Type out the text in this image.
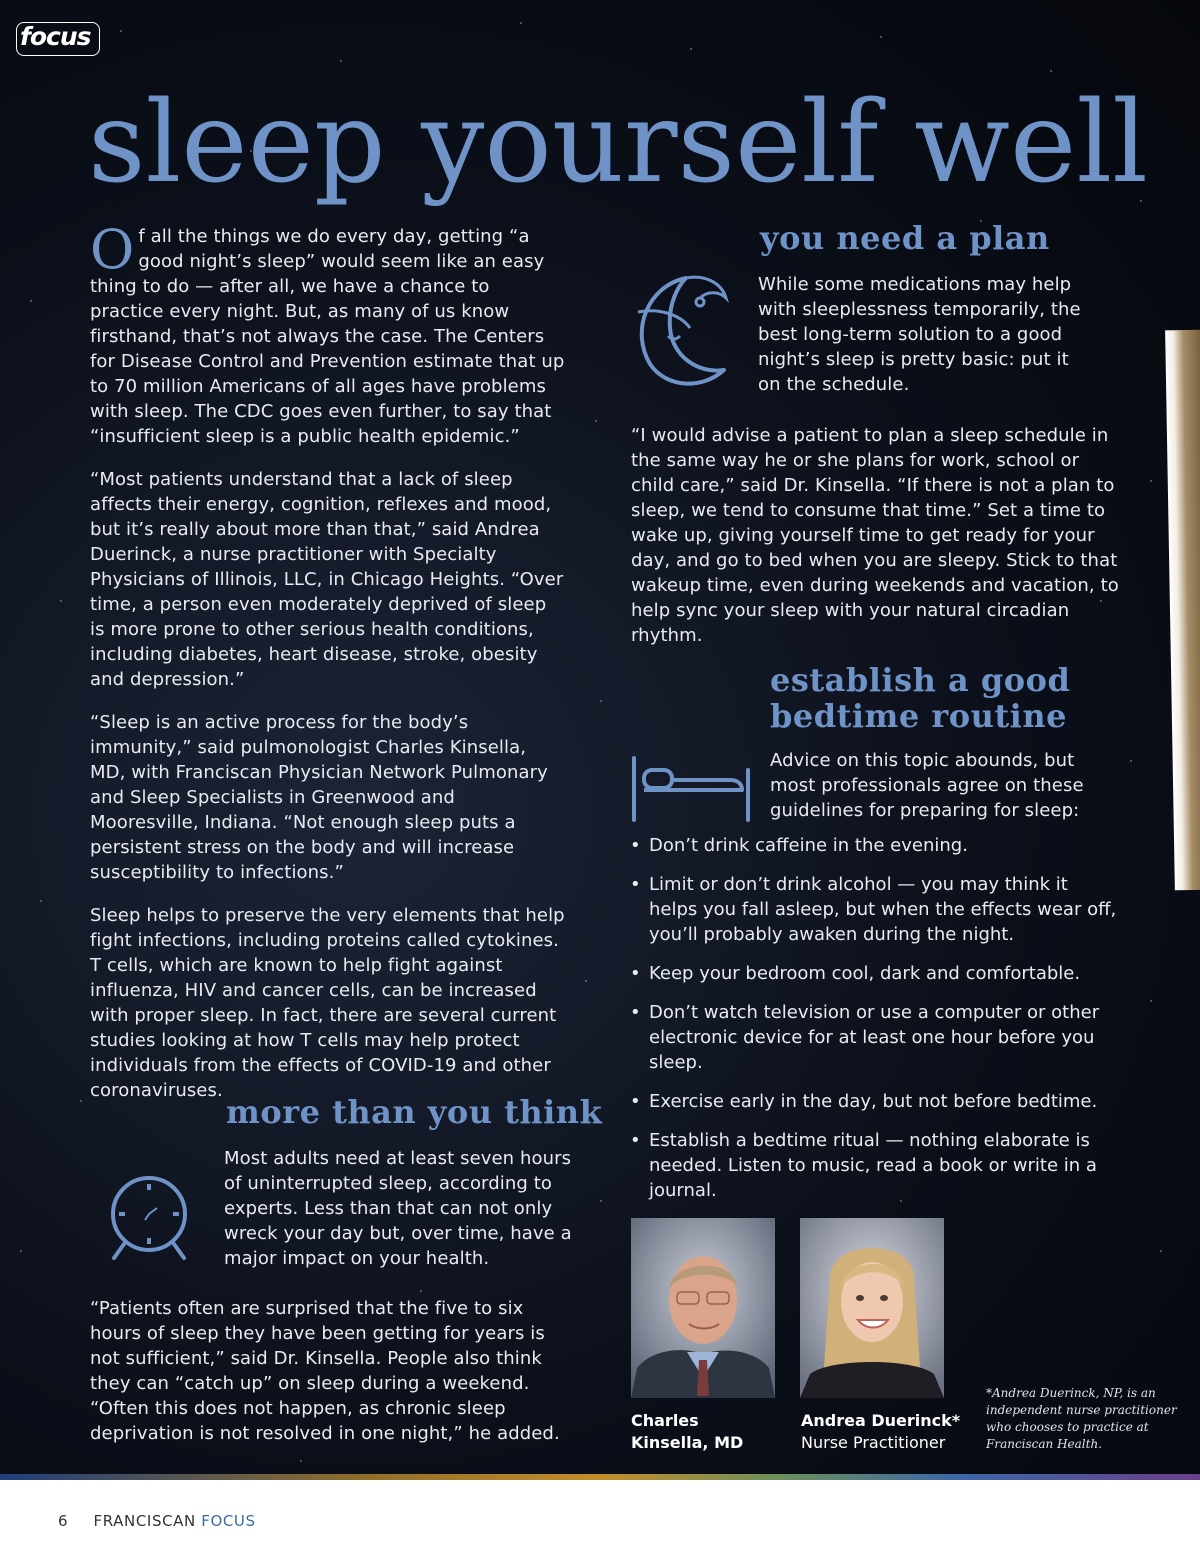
focus
sleep yourself well

Of all the things we do every day, getting “a good night’s sleep” would seem like an easy thing to do — after all, we have a chance to practice every night. But, as many of us know firsthand, that’s not always the case. The Centers for Disease Control and Prevention estimate that up to 70 million Americans of all ages have problems with sleep. The CDC goes even further, to say that “insufficient sleep is a public health epidemic.”

“Most patients understand that a lack of sleep affects their energy, cognition, reflexes and mood, but it’s really about more than that,” said Andrea Duerinck, a nurse practitioner with Specialty Physicians of Illinois, LLC, in Chicago Heights. “Over time, a person even moderately deprived of sleep is more prone to other serious health conditions, including diabetes, heart disease, stroke, obesity and depression.”

“Sleep is an active process for the body’s immunity,” said pulmonologist Charles Kinsella, MD, with Franciscan Physician Network Pulmonary and Sleep Specialists in Greenwood and Mooresville, Indiana. “Not enough sleep puts a persistent stress on the body and will increase susceptibility to infections.”

Sleep helps to preserve the very elements that help fight infections, including proteins called cytokines. T cells, which are known to help fight against influenza, HIV and cancer cells, can be increased with proper sleep. In fact, there are several current studies looking at how T cells may help protect individuals from the effects of COVID-19 and other coronaviruses.

more than you think

Most adults need at least seven hours of uninterrupted sleep, according to experts. Less than that can not only wreck your day but, over time, have a major impact on your health.

“Patients often are surprised that the five to six hours of sleep they have been getting for years is not sufficient,” said Dr. Kinsella. People also think they can “catch up” on sleep during a weekend. “Often this does not happen, as chronic sleep deprivation is not resolved in one night,” he added.

you need a plan

While some medications may help with sleeplessness temporarily, the best long-term solution to a good night’s sleep is pretty basic: put it on the schedule.

“I would advise a patient to plan a sleep schedule in the same way he or she plans for work, school or child care,” said Dr. Kinsella. “If there is not a plan to sleep, we tend to consume that time.” Set a time to wake up, giving yourself time to get ready for your day, and go to bed when you are sleepy. Stick to that wakeup time, even during weekends and vacation, to help sync your sleep with your natural circadian rhythm.

establish a good
bedtime routine

Advice on this topic abounds, but most professionals agree on these guidelines for preparing for sleep:

• Don’t drink caffeine in the evening.
• Limit or don’t drink alcohol — you may think it helps you fall asleep, but when the effects wear off, you’ll probably awaken during the night.
• Keep your bedroom cool, dark and comfortable.
• Don’t watch television or use a computer or other electronic device for at least one hour before you sleep.
• Exercise early in the day, but not before bedtime.
• Establish a bedtime ritual — nothing elaborate is needed. Listen to music, read a book or write in a journal.
Charles
Kinsella, MD
Andrea Duerinck*
Nurse Practitioner
*Andrea Duerinck, NP, is an independent nurse practitioner who chooses to practice at Franciscan Health.
6 FRANCISCAN FOCUS
